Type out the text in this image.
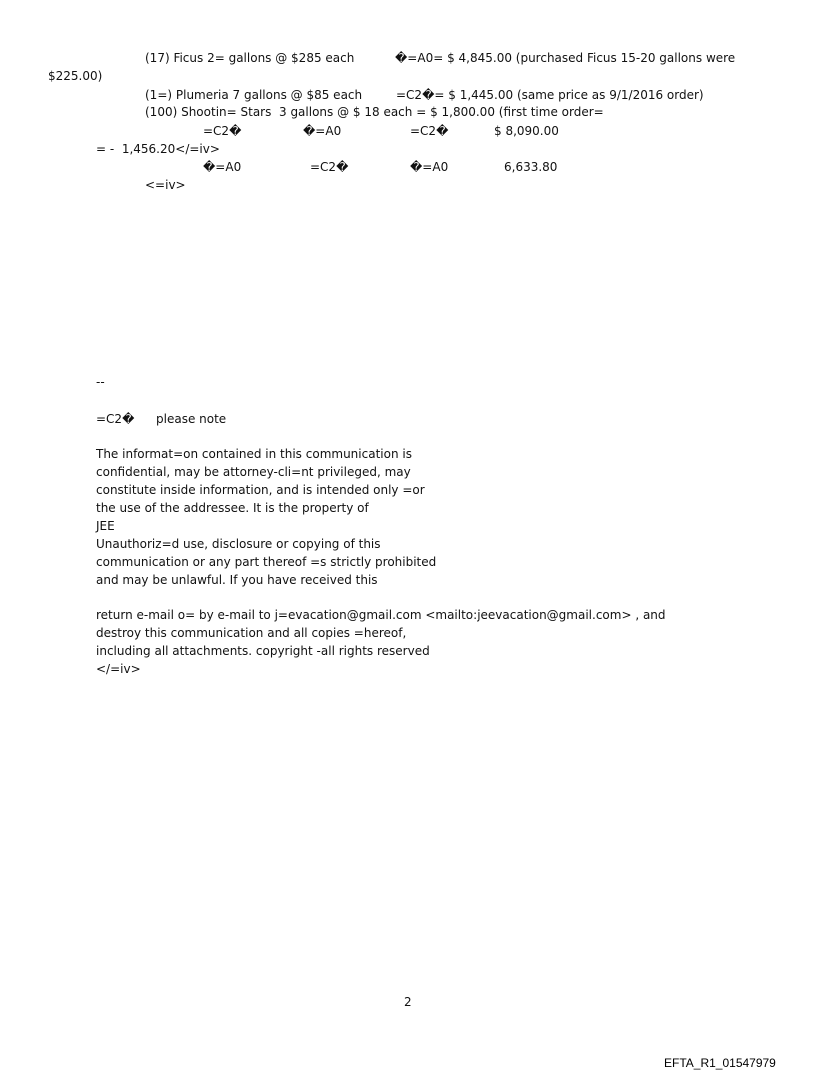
(17) Ficus 2= gallons @ $285 each	�=A0= $ 4,845.00 (purchased Ficus 15-20 gallons were
$225.00)
(1=) Plumeria 7 gallons @ $85 each	=C2�= $ 1,445.00 (same price as 9/1/2016 order)
(100) Shootin= Stars  3 gallons @ $ 18 each = $ 1,800.00 (first time order=
=C2�	�=A0	=C2�	$ 8,090.00
= -  1,456.20</=iv>
�=A0	=C2�	�=A0	6,633.80
<=iv>
--
=C2� please note
The informat=on contained in this communication is
confidential, may be attorney-cli=nt privileged, may
constitute inside information, and is intended only =or
the use of the addressee. It is the property of
JEE
Unauthoriz=d use, disclosure or copying of this
communication or any part thereof =s strictly prohibited
and may be unlawful. If you have received this
return e-mail o= by e-mail to j=evacation@gmail.com <mailto:jeevacation@gmail.com> , and
destroy this communication and all copies =hereof,
including all attachments. copyright -all rights reserved
</=iv>
2
EFTA_R1_01547979
